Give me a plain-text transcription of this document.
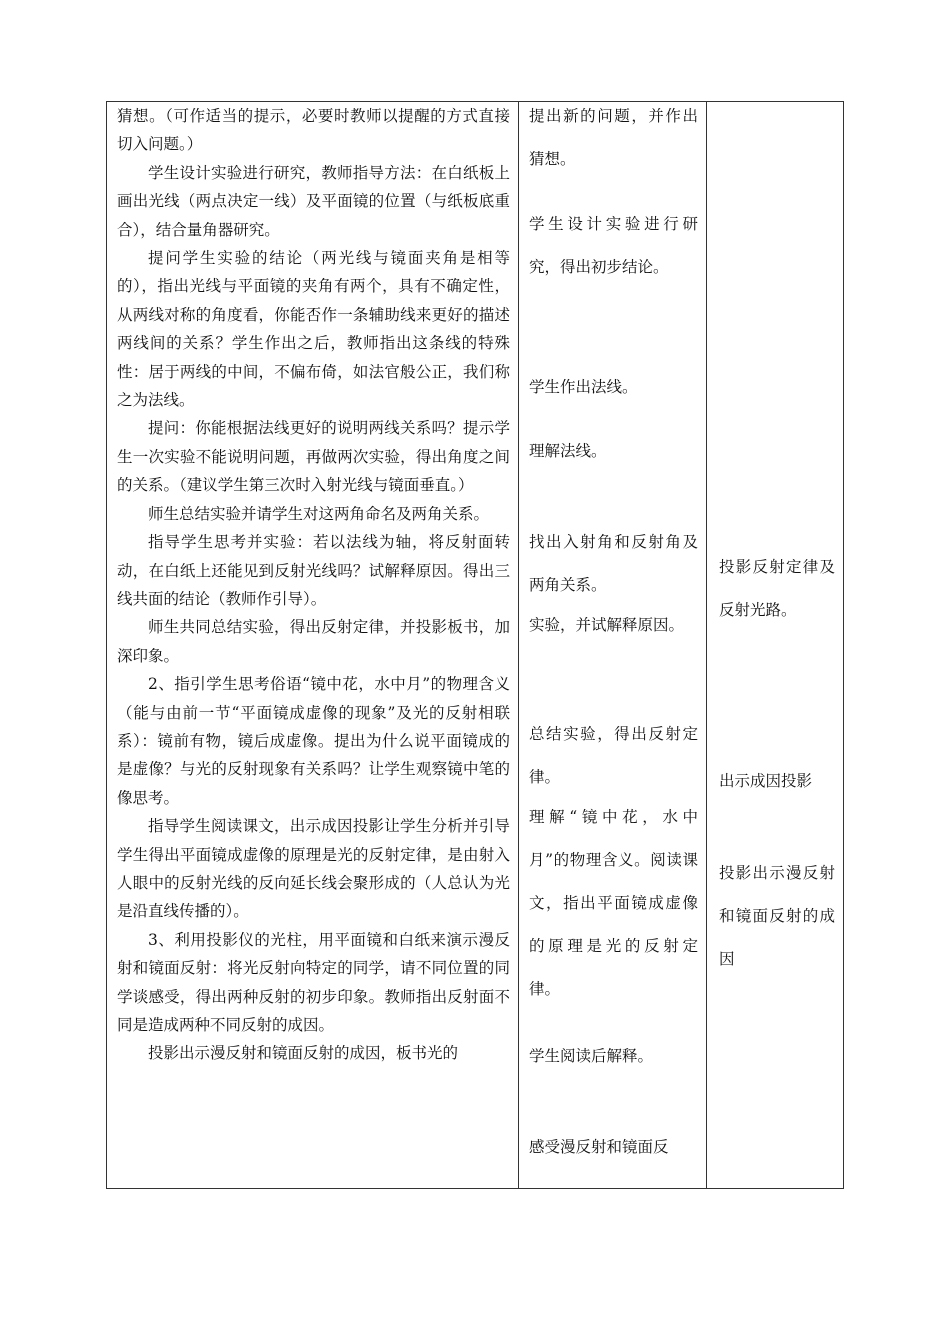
猜想。（可作适当的提示，必要时教师以提醒的方式直接切入问题。）

学生设计实验进行研究，教师指导方法：在白纸板上画出光线（两点决定一线）及平面镜的位置（与纸板底重合），结合量角器研究。

提问学生实验的结论（两光线与镜面夹角是相等的），指出光线与平面镜的夹角有两个，具有不确定性，从两线对称的角度看，你能否作一条辅助线来更好的描述两线间的关系？学生作出之后，教师指出这条线的特殊性：居于两线的中间，不偏布倚，如法官般公正，我们称之为法线。

提问：你能根据法线更好的说明两线关系吗？提示学生一次实验不能说明问题，再做两次实验，得出角度之间的关系。（建议学生第三次时入射光线与镜面垂直。）

师生总结实验并请学生对这两角命名及两角关系。

指导学生思考并实验：若以法线为轴，将反射面转动，在白纸上还能见到反射光线吗？试解释原因。得出三线共面的结论（教师作引导）。

师生共同总结实验，得出反射定律，并投影板书，加深印象。

2、指引学生思考俗语“镜中花，水中月”的物理含义（能与由前一节“平面镜成虚像的现象”及光的反射相联系）：镜前有物，镜后成虚像。提出为什么说平面镜成的是虚像？与光的反射现象有关系吗？让学生观察镜中笔的像思考。

指导学生阅读课文，出示成因投影让学生分析并引导学生得出平面镜成虚像的原理是光的反射定律，是由射入人眼中的反射光线的反向延长线会聚形成的（人总认为光是沿直线传播的）。

3、利用投影仪的光柱，用平面镜和白纸来演示漫反射和镜面反射：将光反射向特定的同学，请不同位置的同学谈感受，得出两种反射的初步印象。教师指出反射面不同是造成两种不同反射的成因。

投影出示漫反射和镜面反射的成因，板书光的

提出新的问题，并作出猜想。

学生设计实验进行研究，得出初步结论。

学生作出法线。

理解法线。

找出入射角和反射角及两角关系。

实验，并试解释原因。

总结实验，得出反射定律。

理解“镜中花，水中月”的物理含义。阅读课文，指出平面镜成虚像的原理是光的反射定律。

学生阅读后解释。

感受漫反射和镜面反

投影反射定律及反射光路。

出示成因投影

投影出示漫反射和镜面反射的成因
